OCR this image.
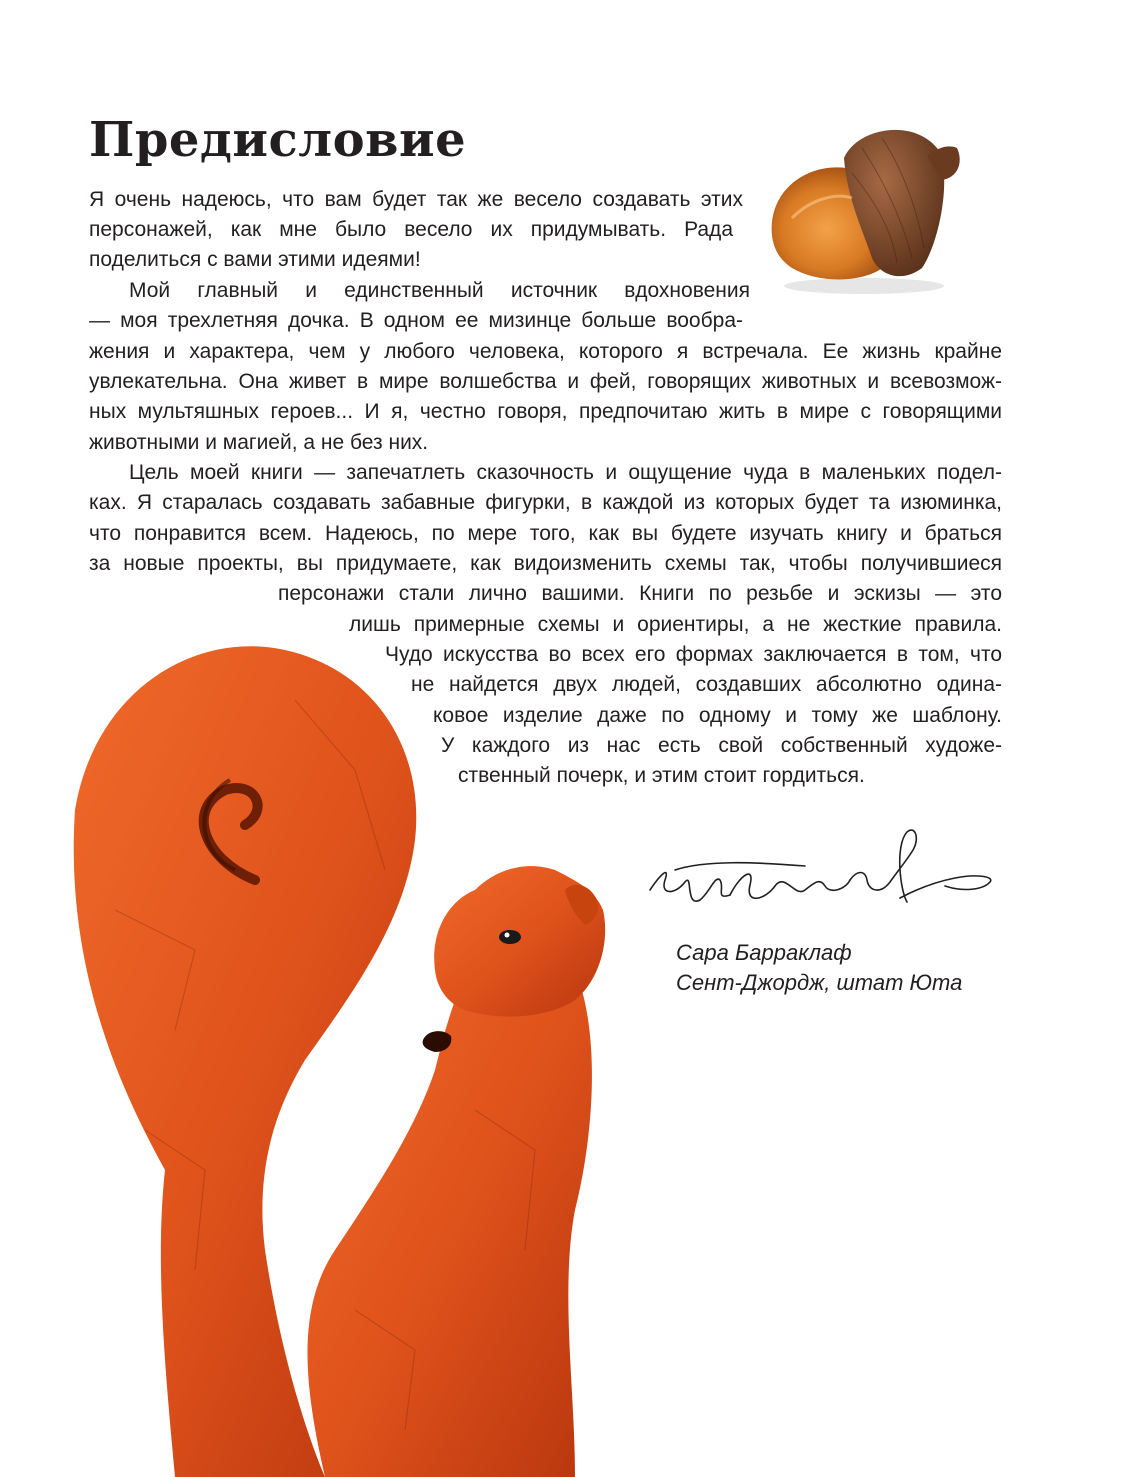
Предисловие

Я очень надеюсь, что вам будет так же весело создавать этих

персонажей, как мне было весело их придумывать. Рада

поделиться с вами этими идеями!

Мой главный и единственный источник вдохновения

— моя трехлетняя дочка. В одном ее мизинце больше вообра-

жения и характера, чем у любого человека, которого я встречала. Ее жизнь крайне

увлекательна. Она живет в мире волшебства и фей, говорящих животных и всевозмож-

ных мультяшных героев... И я, честно говоря, предпочитаю жить в мире с говорящими

животными и магией, а не без них.

Цель моей книги — запечатлеть сказочность и ощущение чуда в маленьких подел-

ках. Я старалась создавать забавные фигурки, в каждой из которых будет та изюминка,

что понравится всем. Надеюсь, по мере того, как вы будете изучать книгу и браться

за новые проекты, вы придумаете, как видоизменить схемы так, чтобы получившиеся

персонажи стали лично вашими. Книги по резьбе и эскизы — это

лишь примерные схемы и ориентиры, а не жесткие правила.

Чудо искусства во всех его формах заключается в том, что

не найдется двух людей, создавших абсолютно одина-

ковое изделие даже по одному и тому же шаблону.

У каждого из нас есть свой собственный художе-

ственный почерк, и этим стоит гордиться.

Сара Барраклаф

Сент-Джордж, штат Юта
